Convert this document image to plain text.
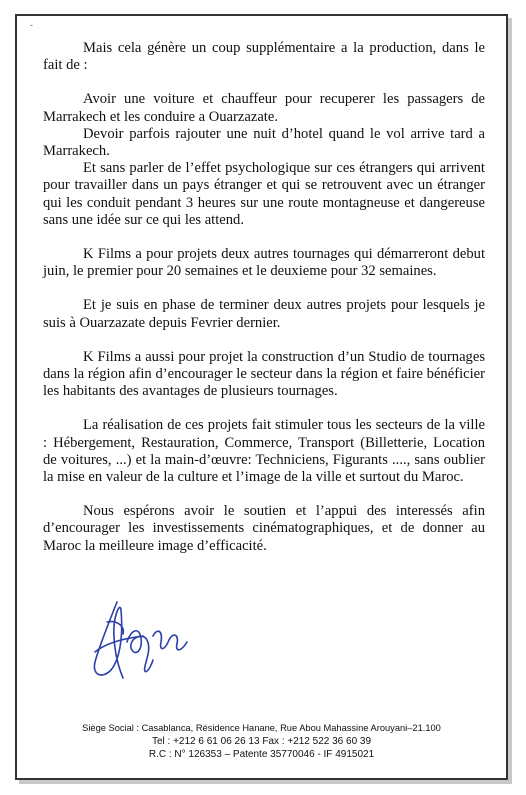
-

Mais cela génère un coup supplémentaire a la production, dans le fait de :

Avoir une voiture et chauffeur pour recuperer les passagers de Marrakech et les conduire a Ouarzazate.

Devoir parfois rajouter une nuit d’hotel quand le vol arrive tard a Marrakech.

Et sans parler de l’effet psychologique sur ces étrangers qui arrivent pour travailler dans un pays étranger et qui se retrouvent avec un étranger qui les conduit pendant 3 heures sur une route montagneuse et dangereuse sans une idée sur ce qui les attend.

K Films a pour projets deux autres tournages qui démarreront debut juin, le premier pour 20 semaines et le deuxieme pour 32 semaines.

Et je suis en phase de terminer deux autres projets pour lesquels je suis à Ouarzazate depuis Fevrier dernier.

K Films a aussi pour projet la construction d’un Studio de tournages dans la région afin d’encourager le secteur dans la région et faire bénéficier les habitants des avantages de plusieurs tournages.

La réalisation de ces projets fait stimuler tous les secteurs de la ville : Hébergement, Restauration, Commerce, Transport (Billetterie, Location de voitures, ...) et la main-d’œuvre: Techniciens, Figurants ...., sans oublier la mise en valeur de la culture et l’image de la ville et surtout du Maroc.

Nous espérons avoir le soutien et l’appui des interessés afin d’encourager les investissements cinématographiques, et de donner au Maroc la meilleure image d’efficacité.

Siège Social : Casablanca, Résidence Hanane, Rue Abou Mahassine Arouyani–21.100
Tel : +212 6 61 06 26 13 Fax : +212 522 36 60 39
R.C : N° 126353 – Patente 35770046 - IF 4915021
